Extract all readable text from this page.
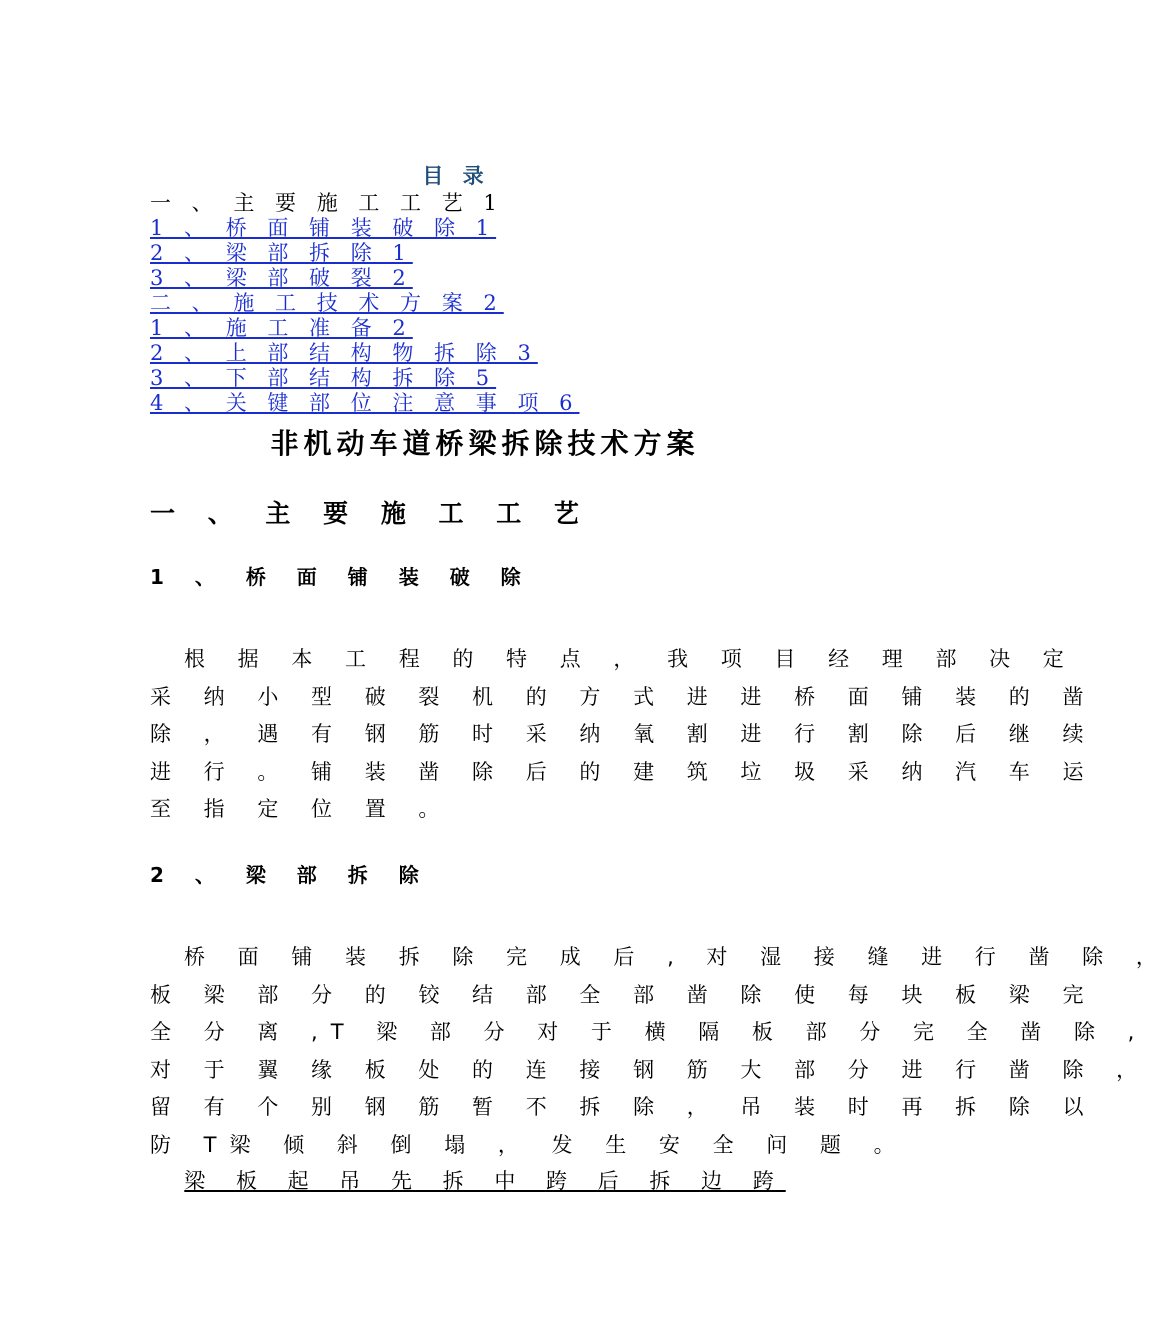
目 录
一 、 主 要 施 工 工 艺 1
1 、 桥 面 铺 装 破 除 1
2 、 梁 部 拆 除 1
3 、 梁 部 破 裂 2
二 、 施 工 技 术 方 案 2
1 、 施 工 准 备 2
2 、 上 部 结 构 物 拆 除 3
3 、 下 部 结 构 拆 除 5
4 、 关 键 部 位 注 意 事 项 6
非机动车道桥梁拆除技术方案
一 、 主 要 施 工 工 艺
1 、 桥 面 铺 装 破 除
　根 据 本 工 程 的 特 点 ， 我 项 目 经 理 部 决 定
采 纳 小 型 破 裂 机 的 方 式 进 进 桥 面 铺 装 的 凿
除 ， 遇 有 钢 筋 时 采 纳 氧 割 进 行 割 除 后 继 续
进 行 。 铺 装 凿 除 后 的 建 筑 垃 圾 采 纳 汽 车 运
至 指 定 位 置 。
2 、 梁 部 拆 除
　桥 面 铺 装 拆 除 完 成 后 , 对 湿 接 缝 进 行 凿 除 ，
板 梁 部 分 的 铰 结 部 全 部 凿 除 使 每 块 板 梁 完
全 分 离 ,T 梁 部 分 对 于 横 隔 板 部 分 完 全 凿 除 ,
对 于 翼 缘 板 处 的 连 接 钢 筋 大 部 分 进 行 凿 除 ，
留 有 个 别 钢 筋 暂 不 拆 除 ， 吊 装 时 再 拆 除 以
防 T梁 倾 斜 倒 塌 ， 发 生 安 全 问 题 。
梁 板 起 吊 先 拆 中 跨 后 拆 边 跨
